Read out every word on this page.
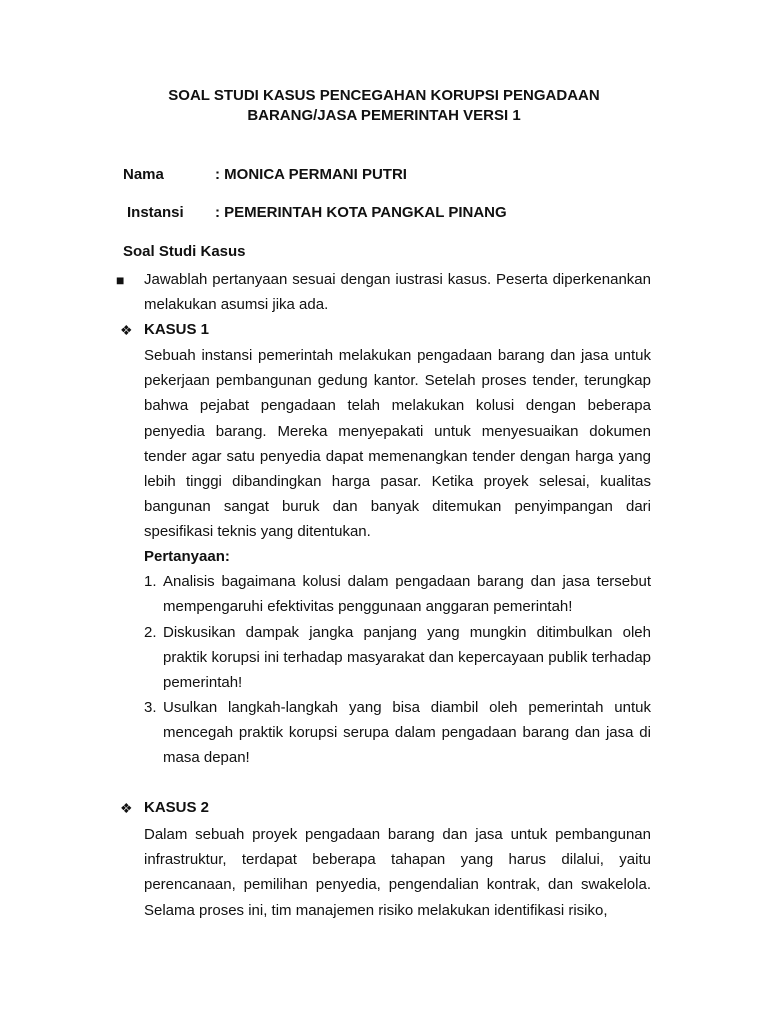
SOAL STUDI KASUS PENCEGAHAN KORUPSI PENGADAAN
BARANG/JASA PEMERINTAH VERSI 1
Nama	: MONICA PERMANI PUTRI
Instansi : PEMERINTAH KOTA PANGKAL PINANG
Soal Studi Kasus
■ Jawablah pertanyaan sesuai dengan iustrasi kasus. Peserta diperkenankan melakukan asumsi jika ada.
❖ KASUS 1
Sebuah instansi pemerintah melakukan pengadaan barang dan jasa untuk pekerjaan pembangunan gedung kantor. Setelah proses tender, terungkap bahwa pejabat pengadaan telah melakukan kolusi dengan beberapa penyedia barang. Mereka menyepakati untuk menyesuaikan dokumen tender agar satu penyedia dapat memenangkan tender dengan harga yang lebih tinggi dibandingkan harga pasar. Ketika proyek selesai, kualitas bangunan sangat buruk dan banyak ditemukan penyimpangan dari spesifikasi teknis yang ditentukan.
Pertanyaan:
1. Analisis bagaimana kolusi dalam pengadaan barang dan jasa tersebut mempengaruhi efektivitas penggunaan anggaran pemerintah!
2. Diskusikan dampak jangka panjang yang mungkin ditimbulkan oleh praktik korupsi ini terhadap masyarakat dan kepercayaan publik terhadap pemerintah!
3. Usulkan langkah-langkah yang bisa diambil oleh pemerintah untuk mencegah praktik korupsi serupa dalam pengadaan barang dan jasa di masa depan!
❖ KASUS 2
Dalam sebuah proyek pengadaan barang dan jasa untuk pembangunan infrastruktur, terdapat beberapa tahapan yang harus dilalui, yaitu perencanaan, pemilihan penyedia, pengendalian kontrak, dan swakelola. Selama proses ini, tim manajemen risiko melakukan identifikasi risiko,
